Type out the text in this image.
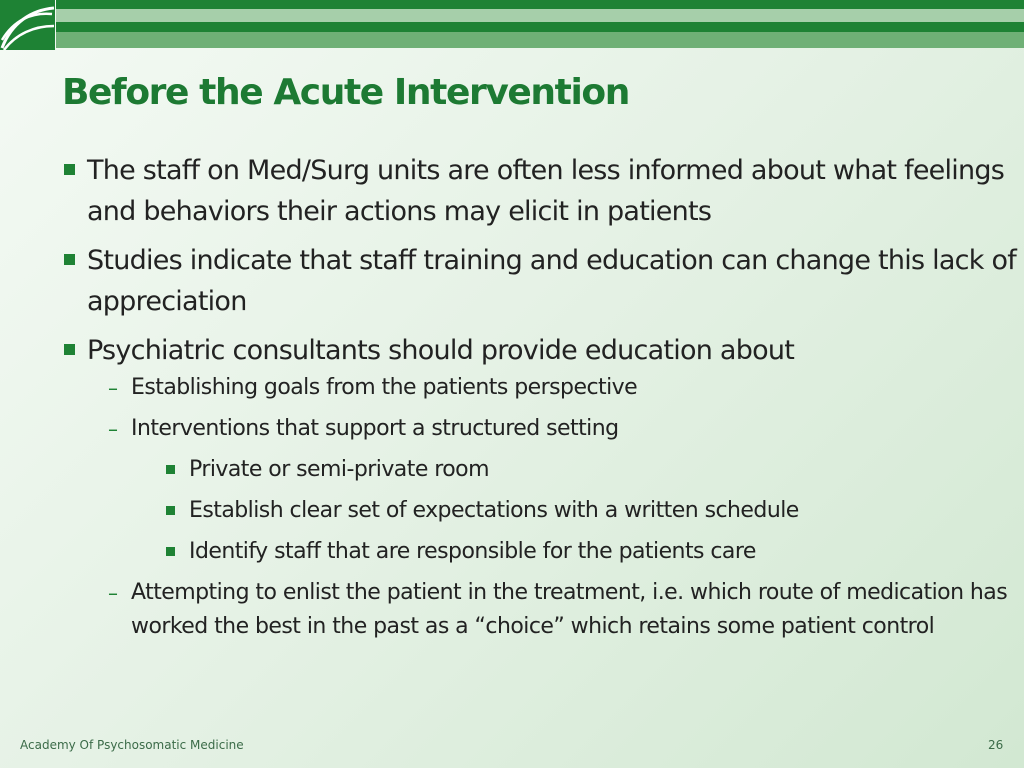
Before the Acute Intervention

The staff on Med/Surg units are often less informed about what feelings and behaviors their actions may elicit in patients

Studies indicate that staff training and education can change this lack of appreciation

Psychiatric consultants should provide education about

– Establishing goals from the patients perspective

– Interventions that support a structured setting

Private or semi-private room

Establish clear set of expectations with a written schedule

Identify staff that are responsible for the patients care

– Attempting to enlist the patient in the treatment, i.e. which route of medication has worked the best in the past as a “choice” which retains some patient control

Academy Of Psychosomatic Medicine	26
